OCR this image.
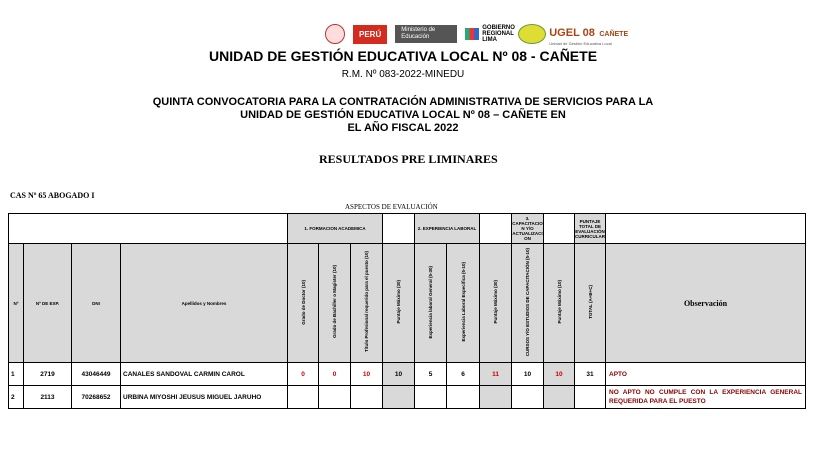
PERÚ	Ministerio de Educación
GOBIERNO REGIONAL LIMA
UGEL 08 CAÑETE
Unidad de Gestión Educativa Local
UNIDAD DE GESTIÓN EDUCATIVA LOCAL Nº 08 - CAÑETE
R.M. Nº 083-2022-MINEDU
QUINTA CONVOCATORIA PARA LA CONTRATACIÓN ADMINISTRATIVA DE SERVICIOS PARA LA
UNIDAD DE GESTIÓN EDUCATIVA LOCAL Nº 08 – CAÑETE EN
EL AÑO FISCAL 2022
RESULTADOS PRE LIMINARES
CAS Nº 65 ABOGADO I
ASPECTOS DE EVALUACIÓN
				1. FORMACION ACADEMICA				2. EXPERIENCIA LABORAL			3. CAPACITACIO N Y/O ACTUALIZACI ON		PUNTAJE TOTAL DE EVALUACIÓN CURRICULAR	
Nº	Nº DE EXP.	DNI	Apellidos y Nombres	Grado de Doctor (10)	Grado de Bachiller o Magister (10)	Título Profesional requerido para el puesto (10)	Puntaje Máximo (30)	Experiencia laboral General (5-30)	Experiencia Laboral Específica (6-10)	Puntaje Máximo (30)	CURSOS Y/O ESTUDIOS DE CAPACITACIÓN (5-10)	Puntaje Máximo (10)	TOTAL (A+B+C)	Observación
1	2719	43046449	CANALES SANDOVAL CARMIN CAROL	0	0	10	10	5	6	11	10	10	31	APTO
2	2113	70268652	URBINA MIYOSHI JEUSUS MIGUEL JARUHO											NO APTO NO CUMPLE CON LA EXPERIENCIA GENERAL REQUERIDA PARA EL PUESTO
